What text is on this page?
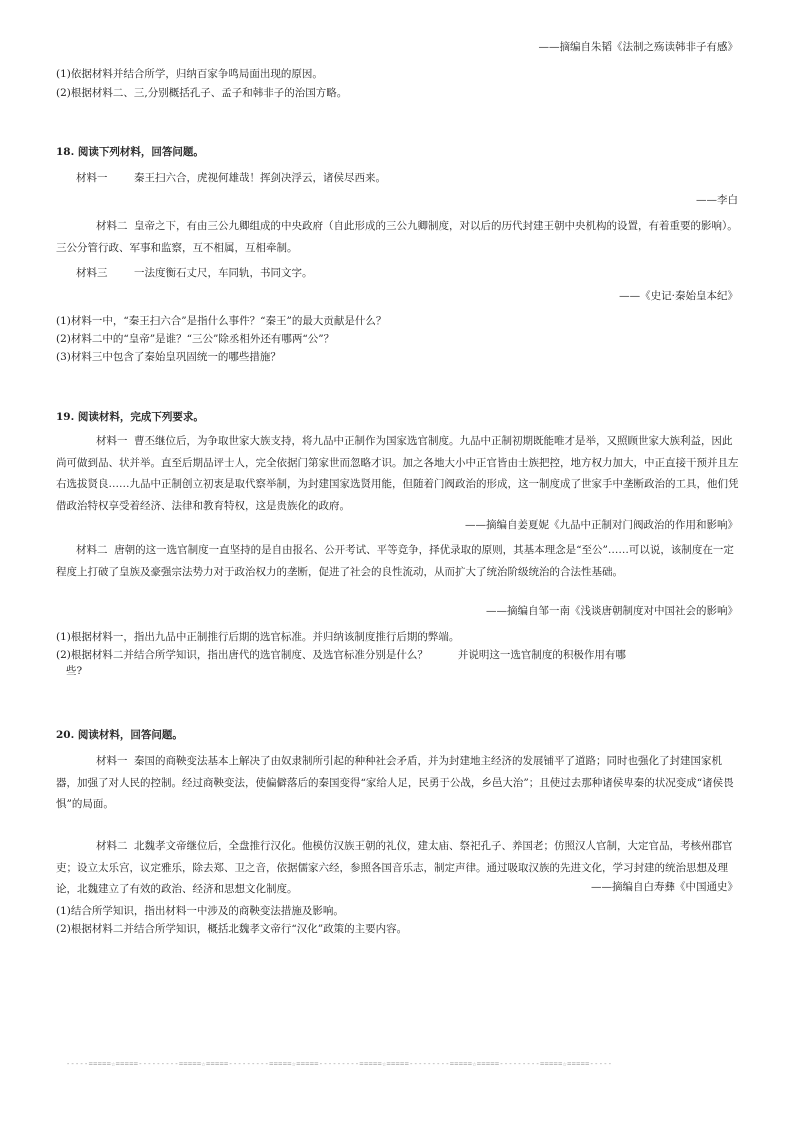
——摘编自朱韬《法制之殇读韩非子有感》
(1)依据材料并结合所学，归纳百家争鸣局面出现的原因。
(2)根据材料二、三,分别概括孔子、孟子和韩非子的治国方略。
18. 阅读下列材料，回答问题。
材料一	秦王扫六合，虎视何雄哉！挥剑决浮云，诸侯尽西来。
——李白
材料二 皇帝之下，有由三公九卿组成的中央政府（自此形成的三公九卿制度，对以后的历代封建王朝中央机构的设置，有着重要的影响）。三公分管行政、军事和监察，互不相属，互相牵制。
材料三	一法度衡石丈尺，车同轨，书同文字。
——《史记·秦始皇本纪》
(1)材料一中，“秦王扫六合”是指什么事件？“秦王”的最大贡献是什么？
(2)材料二中的“皇帝”是谁？“三公”除丞相外还有哪两“公”？
(3)材料三中包含了秦始皇巩固统一的哪些措施？
19. 阅读材料，完成下列要求。
材料一 曹丕继位后，为争取世家大族支持，将九品中正制作为国家选官制度。九品中正制初期既能唯才是举，又照顾世家大族利益，因此尚可做到品、状并举。直至后期品评士人，完全依据门第家世而忽略才识。加之各地大小中正官皆由士族把控，地方权力加大，中正直接干预并且左右选拔贤良……九品中正制创立初衷是取代察举制，为封建国家选贤用能，但随着门阀政治的形成，这一制度成了世家手中垄断政治的工具，他们凭借政治特权享受着经济、法律和教育特权，这是贵族化的政府。
——摘编自姜夏妮《九品中正制对门阀政治的作用和影响》
材料二 唐朝的这一选官制度一直坚持的是自由报名、公开考试、平等竞争，择优录取的原则，其基本理念是“至公”……可以说，该制度在一定程度上打破了皇族及豪强宗法势力对于政治权力的垄断，促进了社会的良性流动，从而扩大了统治阶级统治的合法性基础。
——摘编自邹一南《浅谈唐朝制度对中国社会的影响》
(1)根据材料一，指出九品中正制推行后期的选官标准。并归纳该制度推行后期的弊端。
(2)根据材料二并结合所学知识，指出唐代的选官制度、及选官标准分别是什么？	并说明这一选官制度的积极作用有哪
些?
20. 阅读材料，回答问题。
材料一 秦国的商鞅变法基本上解决了由奴隶制所引起的种种社会矛盾，并为封建地主经济的发展铺平了道路；同时也强化了封建国家机器，加强了对人民的控制。经过商鞅变法，使偏僻落后的秦国变得“家给人足，民勇于公战，乡邑大治”；且使过去那种诸侯卑秦的状况变成“诸侯畏惧”的局面。
材料二 北魏孝文帝继位后，全盘推行汉化。他模仿汉族王朝的礼仪，建太庙、祭祀孔子、养国老；仿照汉人官制，大定官品，考核州郡官吏；设立太乐宫，议定雅乐，除去郑、卫之音，依据儒家六经，参照各国音乐志，制定声律。通过吸取汉族的先进文化，学习封建的统治思想及理论，北魏建立了有效的政治、经济和思想文化制度。	——摘编自白寿彝《中国通史》
(1)结合所学知识，指出材料一中涉及的商鞅变法措施及影响。
(2)根据材料二并结合所学知识，概括北魏孝文帝行“汉化”政策的主要内容。
-----=====☆=====---------=====☆=====---------=====☆=====---------=====☆=====---------=====☆=====---------=====☆=====-----
